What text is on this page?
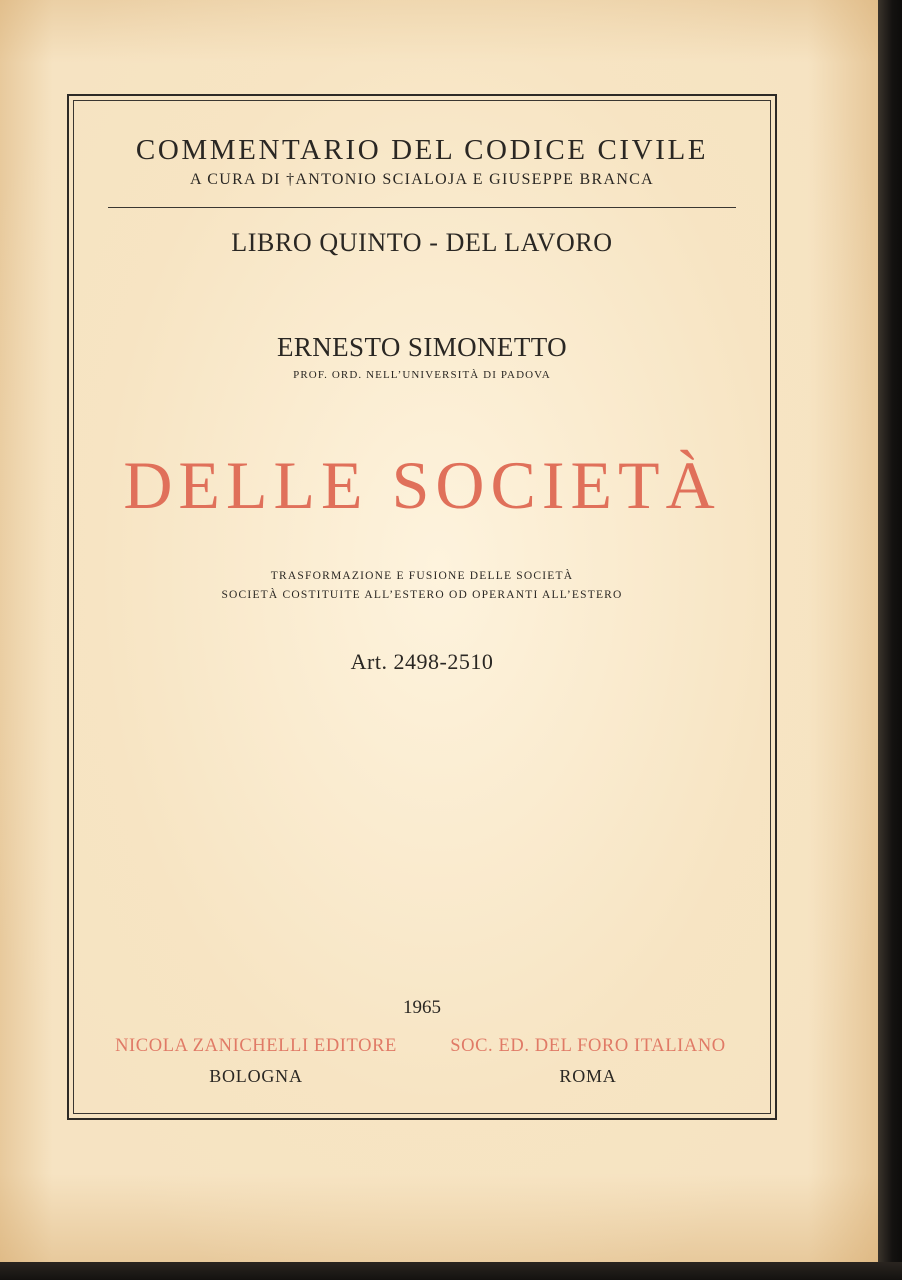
COMMENTARIO DEL CODICE CIVILE
A CURA DI †ANTONIO SCIALOJA E GIUSEPPE BRANCA
LIBRO QUINTO - DEL LAVORO
ERNESTO SIMONETTO
PROF. ORD. NELL’UNIVERSITÀ DI PADOVA
DELLE SOCIETÀ
TRASFORMAZIONE E FUSIONE DELLE SOCIETÀ
SOCIETÀ COSTITUITE ALL’ESTERO OD OPERANTI ALL’ESTERO
Art. 2498-2510
1965
NICOLA ZANICHELLI EDITORE
BOLOGNA
SOC. ED. DEL FORO ITALIANO
ROMA
